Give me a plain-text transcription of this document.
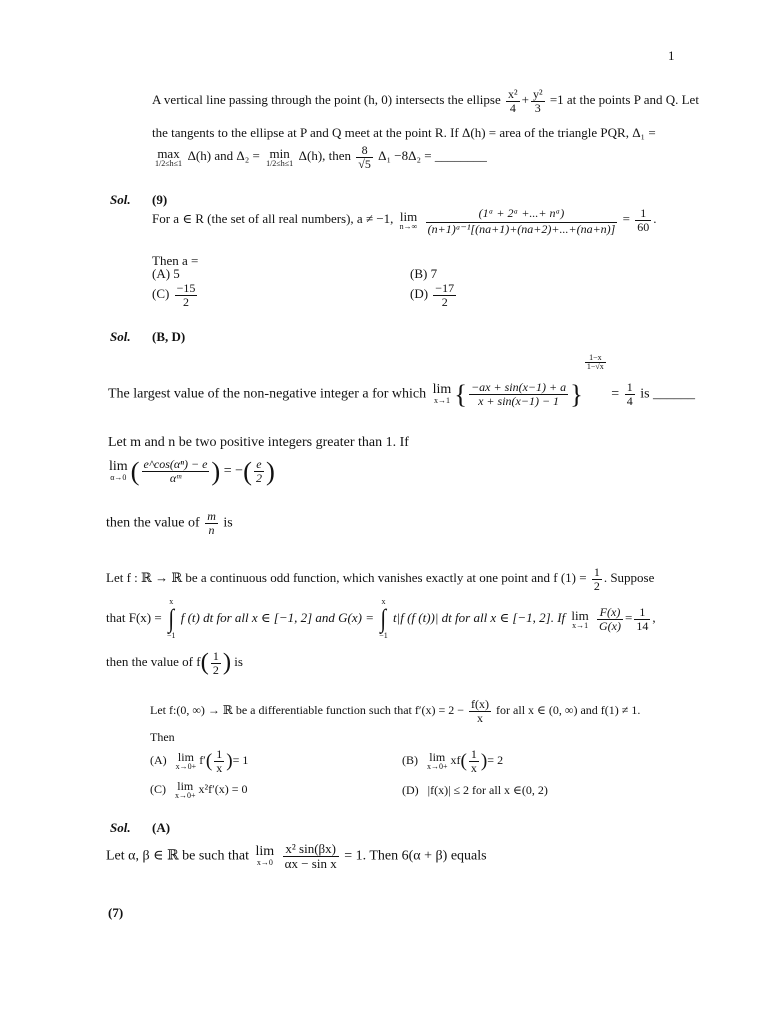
1
A vertical line passing through the point (h, 0) intersects the ellipse $\frac{\text{x²}}{4} + \frac{\text{y²}}{3} =1$ at the points P and Q. Let
the tangents to the ellipse at P and Q meet at the point R. If Δ(h) = area of the triangle PQR, Δ₁ =
max
1/2≤h≤1
Δ(h) and Δ₂ = min
1/2≤h≤1
Δ(h), then $\frac{8}{√5} \Delta_1 -8\Delta_2$ = ________
Sol. (9)
For a ∈ R (the set of all real numbers), a ≠ −1, lim
n→∞
$\frac{\text{(1ᵃ + 2ᵃ +...+ nᵃ)}}{\text{(n+1)ᵃ⁻¹[(na+1)+(na+2)+...+(na+n)]}} = \frac{1}{60}$ .
Then a =
(A) 5	(B) 7
$(C) \frac{-15}{2}$	$(D) \frac{-17}{2}$
Sol. (B, D)
The largest value of the non-negative integer a for which lim
x→1 { $\frac{-ax + \sin(x-1) + a}{x + \sin(x-1) - 1}$ }
$\frac{1-x}{1-√x}$
= $\frac{1}{4}$ is ______
Let m and n be two positive integers greater than 1. If
lim
α→0 ( $\frac{\text{e\textasciicircum{}cos(αⁿ) − e}}{\text{αᵐ}}$ ) = −( $\frac{e}{2}$ )
then the value of $\frac{m}{n}$ is
Let f : ℝ → ℝ be a continuous odd function, which vanishes exactly at one point and f $(1) = \frac{1}{2}$ . Suppose
that F(x) =
x
∫
−1
f (t) dt for all x ∈ [−1, 2] and G(x) =
x
∫
−1
t|f (f (t))| dt for all x ∈ [−1, 2]. If lim
x→1
$\frac{F(x)}{G(x)} = \frac{1}{14}$ ,
then the value of $f( \frac{1}{2}$ ) is
Let f:(0, ∞) → ℝ be a differentiable function such that $f'(x) = 2 - \frac{f(x)}{x}$ for all x ∈ (0, ∞) and f(1) ≠ 1.
Then
(A) lim
$x\to 0+ f'( \frac{1}{x}$ )= 1	(B) lim
$x\to 0+ xf( \frac{1}{x}$ )= 2
(C) lim
x→0+ x²f′(x) = 0	(D) |f(x)| ≤ 2 for all x ∈(0, 2)
Sol. (A)
Let α, β ∈ ℝ be such that lim
x→0
$\frac{\text{x² sin(βx)}}{\text{αx − sin x}} = 1$. Then 6(α + β) equals
(7)
